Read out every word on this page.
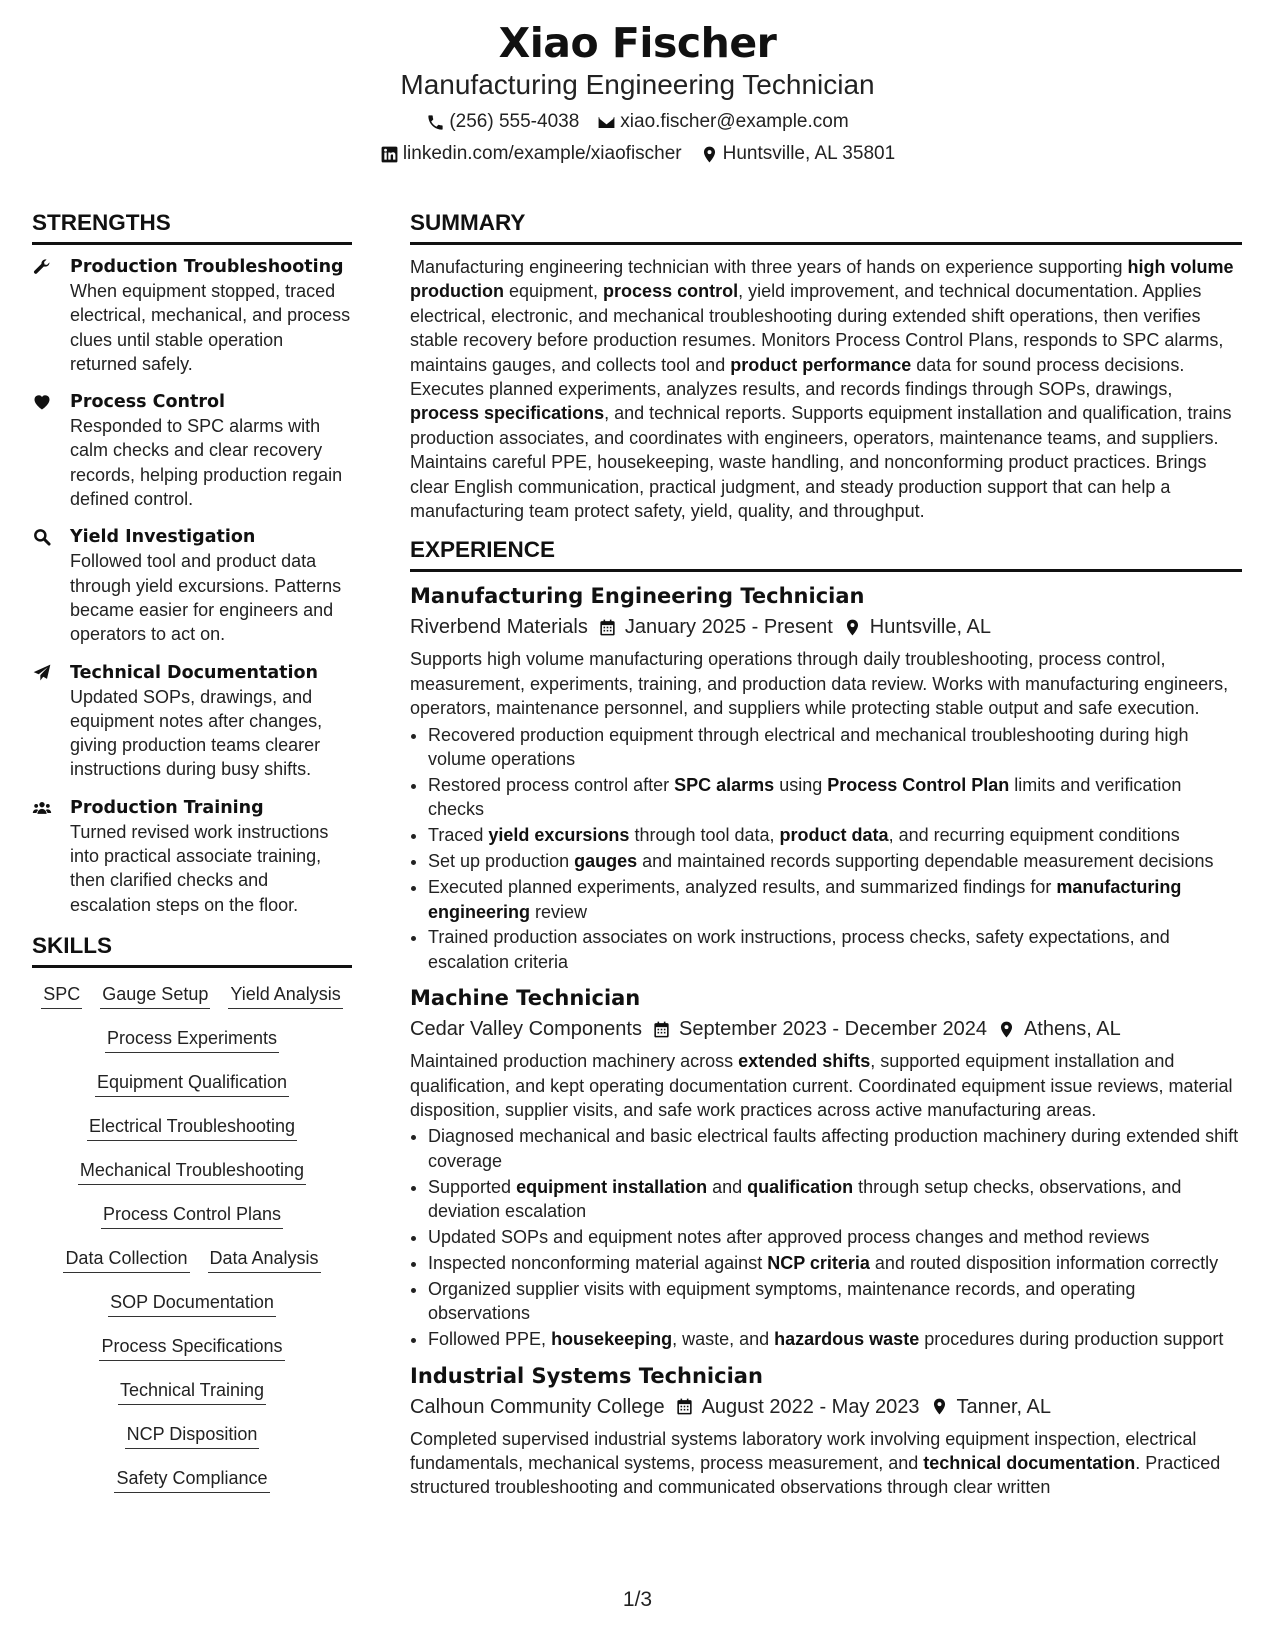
Xiao Fischer
Manufacturing Engineering Technician
(256) 555-4038 xiao.fischer@example.com
linkedin.com/example/xiaofischer Huntsville, AL 35801
STRENGTHS
Production Troubleshooting
When equipment stopped, traced electrical, mechanical, and process clues until stable operation returned safely.
Process Control
Responded to SPC alarms with calm checks and clear recovery records, helping production regain defined control.
Yield Investigation
Followed tool and product data through yield excursions. Patterns became easier for engineers and operators to act on.
Technical Documentation
Updated SOPs, drawings, and equipment notes after changes, giving production teams clearer instructions during busy shifts.
Production Training
Turned revised work instructions into practical associate training, then clarified checks and escalation steps on the floor.
SKILLS
SPC Gauge Setup Yield Analysis
Process Experiments
Equipment Qualification
Electrical Troubleshooting
Mechanical Troubleshooting
Process Control Plans
Data Collection Data Analysis
SOP Documentation
Process Specifications
Technical Training
NCP Disposition
Safety Compliance
SUMMARY

Manufacturing engineering technician with three years of hands on experience supporting high volume production equipment, process control, yield improvement, and technical documentation. Applies electrical, electronic, and mechanical troubleshooting during extended shift operations, then verifies stable recovery before production resumes. Monitors Process Control Plans, responds to SPC alarms, maintains gauges, and collects tool and product performance data for sound process decisions. Executes planned experiments, analyzes results, and records findings through SOPs, drawings, process specifications, and technical reports. Supports equipment installation and qualification, trains production associates, and coordinates with engineers, operators, maintenance teams, and suppliers. Maintains careful PPE, housekeeping, waste handling, and nonconforming product practices. Brings clear English communication, practical judgment, and steady production support that can help a manufacturing team protect safety, yield, quality, and throughput.

EXPERIENCE
Manufacturing Engineering Technician
Riverbend Materials January 2025 - Present Huntsville, AL
Supports high volume manufacturing operations through daily troubleshooting, process control, measurement, experiments, training, and production data review. Works with manufacturing engineers, operators, maintenance personnel, and suppliers while protecting stable output and safe execution.
• Recovered production equipment through electrical and mechanical troubleshooting during high volume operations
• Restored process control after SPC alarms using Process Control Plan limits and verification checks
• Traced yield excursions through tool data, product data, and recurring equipment conditions
• Set up production gauges and maintained records supporting dependable measurement decisions
• Executed planned experiments, analyzed results, and summarized findings for manufacturing engineering review
• Trained production associates on work instructions, process checks, safety expectations, and escalation criteria
Machine Technician
Cedar Valley Components September 2023 - December 2024 Athens, AL
Maintained production machinery across extended shifts, supported equipment installation and qualification, and kept operating documentation current. Coordinated equipment issue reviews, material disposition, supplier visits, and safe work practices across active manufacturing areas.
• Diagnosed mechanical and basic electrical faults affecting production machinery during extended shift coverage
• Supported equipment installation and qualification through setup checks, observations, and deviation escalation
• Updated SOPs and equipment notes after approved process changes and method reviews
• Inspected nonconforming material against NCP criteria and routed disposition information correctly
• Organized supplier visits with equipment symptoms, maintenance records, and operating observations
• Followed PPE, housekeeping, waste, and hazardous waste procedures during production support
Industrial Systems Technician
Calhoun Community College August 2022 - May 2023 Tanner, AL
Completed supervised industrial systems laboratory work involving equipment inspection, electrical fundamentals, mechanical systems, process measurement, and technical documentation. Practiced structured troubleshooting and communicated observations through clear written
1/3
